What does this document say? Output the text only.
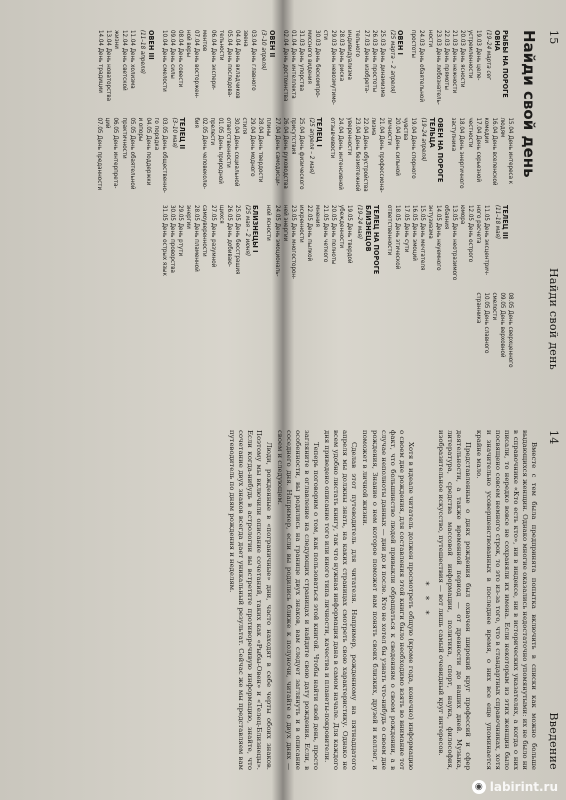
15
Найди свой день
Найди свой день
РЫБЫ НА ПОРОГЕ ОВНА
(19–24 марта сег
19.03 День целе-
устремленности
20.03 День ясности
21.03 День нежности
22.03 День прямоты
23.03 День любознатель-
ности
24.03 День обаятельной
простоты
ОВЕН I
(25 марта – 2 апреля)
25.03 День динамизма
26.03 День простоты
27.03 День изобрета-
тельного индивидуализма
28.03 День риска
29.03 День невозмутимо-
сти
30.03 День бескомпро-
миссного видения
31.03 День упорства
01.04 День интеллекта
02.04 День достоинства
ОВЕН II
(3–10 апреля)
03.04 День главного
звена
04.04 День вкладчиков
05.04 День последова-
тельности
06.04 День экспери-
ментов
07.04 День восторжен-
ной веры
08.04 День совести
09.04 День силы
10.04 День смелости
ОВЕН III
(11–18 апреля)
11.04 День холизма
12.04 День светской
жизни
13.04 День новаторства
14.04 День традиции
15.04 День интереса к
людям
16.04 День вселенской
комедии
17.04 День серьезной
честности
18.04 День энергичного
заступника
ОВЕН НА ПОРОГЕ ТЕЛЬЦА
(19–24 апреля)
19.04 День спорного
чувства
20.04 День сильной
личности
21.04 День профессиона-
лизма
22.04 День обустройства
23.04 День безмятежной
уверенности
24.04 День интенсивной
отзывчивости
ТЕЛЕЦ I
(25 апреля – 2 мая)
25.04 День физического
присутствия
26.04 День руководства
27.04 День самодисци-
плины
28.04 День твердости
29.04 День модного
стиля
30.04 День социальной
ответственности
01.05 День природной
прелести
02.05 День человеколю-
бия
ТЕЛЕЦ II
(3–10 мая)
03.05 День общественно-
го порядка
04.05 День поддержки
и опоры
05.05 День обаятельной
практичности
06.05 День интерпрета-
ций
07.05 День преданности
ТЕЛЕЦ III
(11–18 мая)
11.05 День эксцентрич-
ного расчета
12.05 День острого
юмора
13.05 День неотразимого
обаяния
14.05 День неуемного
энтузиазма
15.05 День мечтателя
16.05 День эмоций
17.05 День сути
18.05 День этической
ответственности
ТЕЛЕЦ НА ПОРОГЕ БЛИЗНЕЦОВ
(19–24 мая)
19.05 День твердой
убежденности
20.05 День полноты
21.05 День четкого
мнения
22.05 День пылкой
искренности
23.05 День многосторон-
ней энергии
24.05 День эмоциональ-
ной ясности
БЛИЗНЕЦЫ I
(25 мая – 2 июня)
25.05 День бесстрашия
26.05 День добиваю-
щихся
27.05 День разумной
самоуверенности
28.05 День пламенной
энергии
29.05 День ртути
30.05 День проворства
31.05 День острых язык
08.05 День сверхценного
09.05 День верховной
смелости
10.05 День славного
странника
14
Введение

Вместе с тем была предпринята попытка включить в списки как можно больше выдающихся женщин. Однако многие оказались недостаточно упомянутыми: их не было ни в справочнике «Кто есть кто», ни в индексе, ни в исторических указателях, а когда о них писали, то нередко вовсе не сохраняли их имена. Если некоторым из этих женщин было посвящено совсем немного строк, то это из-за того, что в стандартных справочниках, хотя и значительно усовершенствованных в последнее время, о них все еще упоминается крайне мало.

Представленные о днях рождения был охвачен широкий круг профессий и сфер деятельности, а также временной период — от древности до наших дней. Музыка, литература, средства массовой информации, политика, спорт, наука, философия, изобразительное искусство, путешествия — вот лишь самый очевидный круг интересов.

* * *

Хотя в идеале читатель должен просмотреть общую (кроме года, конечно) информацию о своем дне рождения, для составления этой книги было необходимо взять во внимание тот факт, что большинство людей привыкли обращаться к сведениям о своем рождении, а в случае неполноты данных — дни до и после. Кто не хотел бы узнать что-нибудь о своем дне рождения, Знание о нем которое поможет вам понять своих близких, друзей и коллег, и поможет в личной жизни.

Сделав этот путеводитель для читателя. Например, рожденному на пятнадцатого апреля мы должны знать, на каких страницах смотреть свою характеристику. Однако не всем удобно листать книгу, так что нужная информация дана в самом начале. Для каждого дня приведено описание того или иного типа личности, качества и планеты-покровители.

Теперь поговорим о том, как пользоваться этой книгой. Чтобы найти свой день, просто загляните в оглавление на следующих страницах и найдите свою дату рождения. Если, в особенности, вы родились на границе двух знаков, вам следует заглянуть и в описание соседнего дня. Например, если вы родились ближе к полуночи, читайте о двух днях — своем и следующем.

Люди, рожденные в «пограничные» дни, часто находят в себе черты обоих знаков. Поэтому мы включили описание сочетаний, таких как «Рыбы-Овен» и «Телец-Близнецы». Если когда-нибудь в астрологии вы встретите противоречивую информацию, знайте, что сочетание двух знаков всегда дает уникальный результат. Сейчас же мы представляем вам путеводитель по дням рождения и неделям.

◉ labirint.ru
